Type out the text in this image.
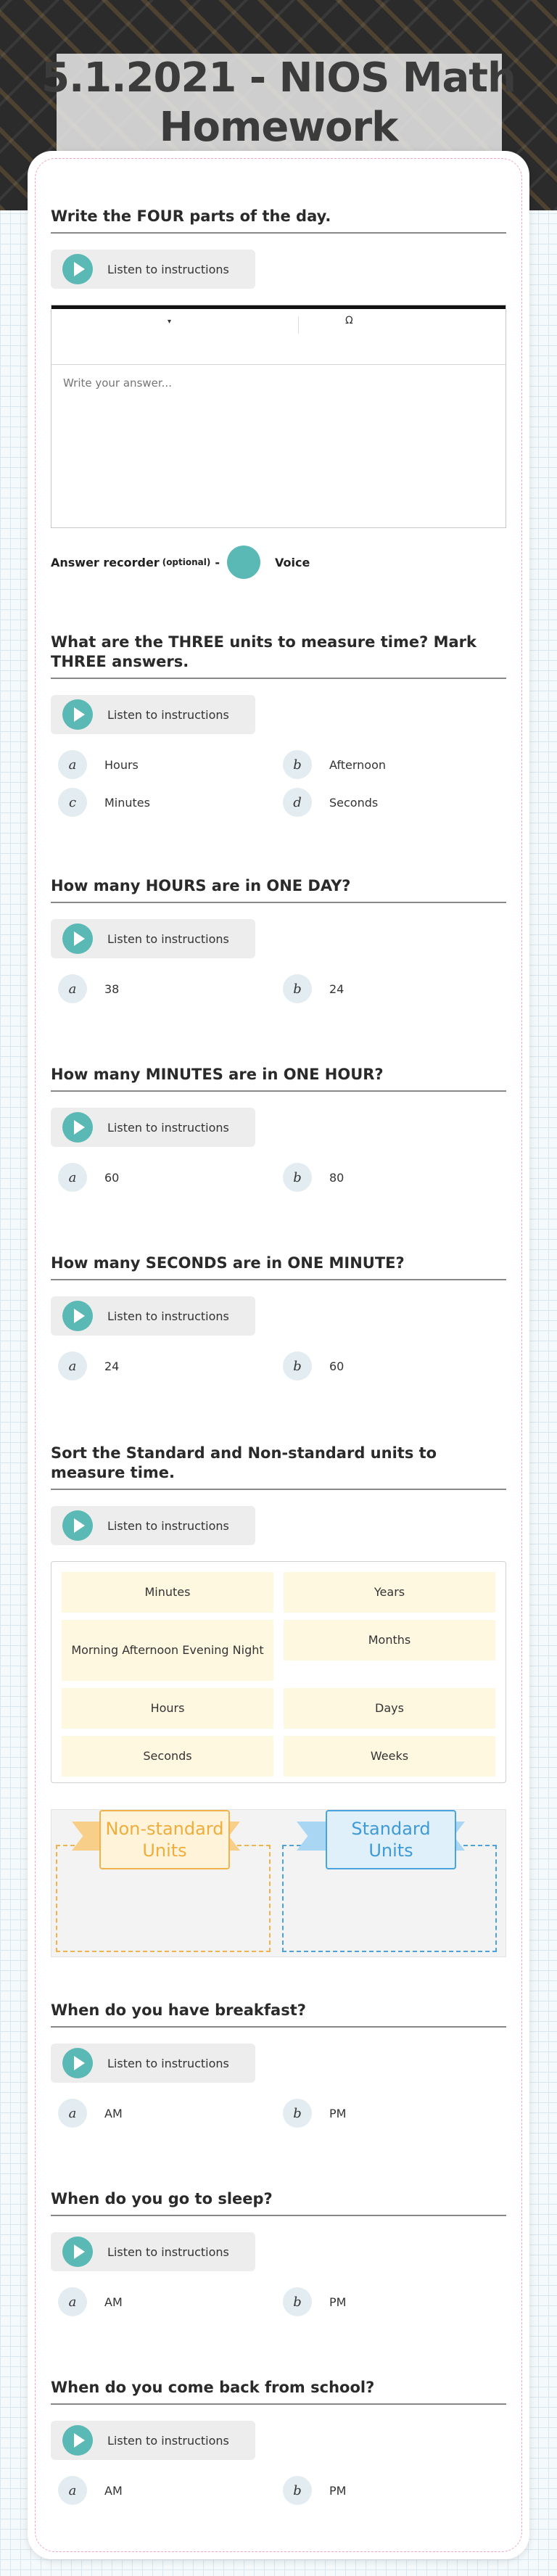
5.1.2021 - NIOS Math Homework
Write the FOUR parts of the day.
Listen to instructions
▾	Ω
Write your answer...
Answer recorder (optional) -	Voice
What are the THREE units to measure time? Mark THREE answers.
Listen to instructions
a	Hours	b	Afternoon
c	Minutes	d	Seconds
How many HOURS are in ONE DAY?
Listen to instructions
a	38	b	24
How many MINUTES are in ONE HOUR?
Listen to instructions
a	60	b	80
How many SECONDS are in ONE MINUTE?
Listen to instructions
a	24	b	60
Sort the Standard and Non-standard units to measure time.
Listen to instructions
Minutes	Years
Morning Afternoon Evening Night
Months
Hours	Days
Seconds	Weeks
Non-standard Units
Standard Units
When do you have breakfast?
Listen to instructions
a	AM	b	PM
When do you go to sleep?
Listen to instructions
a	AM	b	PM
When do you come back from school?
Listen to instructions
a	AM	b	PM
